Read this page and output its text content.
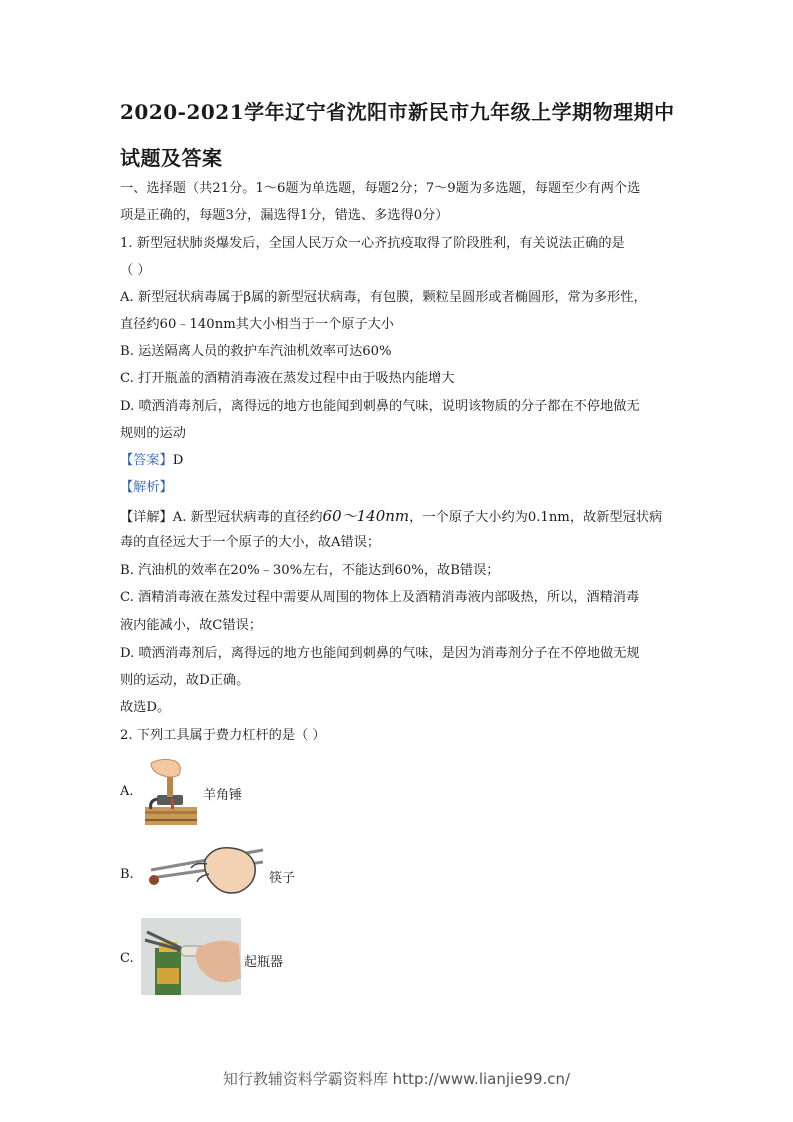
2020-2021学年辽宁省沈阳市新民市九年级上学期物理期中
试题及答案
一、选择题（共21分。1～6题为单选题，每题2分；7～9题为多选题，每题至少有两个选
项是正确的，每题3分，漏选得1分，错选、多选得0分）
1. 新型冠状肺炎爆发后，全国人民万众一心齐抗疫取得了阶段胜利，有关说法正确的是
（ ）
A. 新型冠状病毒属于β属的新型冠状病毒，有包膜，颗粒呈圆形或者椭圆形，常为多形性，
直径约60﹣140nm其大小相当于一个原子大小
B. 运送隔离人员的救护车汽油机效率可达60%
C. 打开瓶盖的酒精消毒液在蒸发过程中由于吸热内能增大
D. 喷洒消毒剂后，离得远的地方也能闻到刺鼻的气味，说明该物质的分子都在不停地做无
规则的运动
【答案】D
【解析】
【详解】A. 新型冠状病毒的直径约60～140nm，一个原子大小约为0.1nm，故新型冠状病
毒的直径远大于一个原子的大小，故A错误；
B. 汽油机的效率在20%﹣30%左右，不能达到60%，故B错误；
C. 酒精消毒液在蒸发过程中需要从周围的物体上及酒精消毒液内部吸热，所以，酒精消毒
液内能减小，故C错误；
D. 喷洒消毒剂后，离得远的地方也能闻到刺鼻的气味，是因为消毒剂分子在不停地做无规
则的运动，故D正确。
故选D。
2. 下列工具属于费力杠杆的是（ ）
A.	羊角锤
B.	筷子
C.	起瓶器
知行教辅资料学霸资料库 http://www.lianjie99.cn/
